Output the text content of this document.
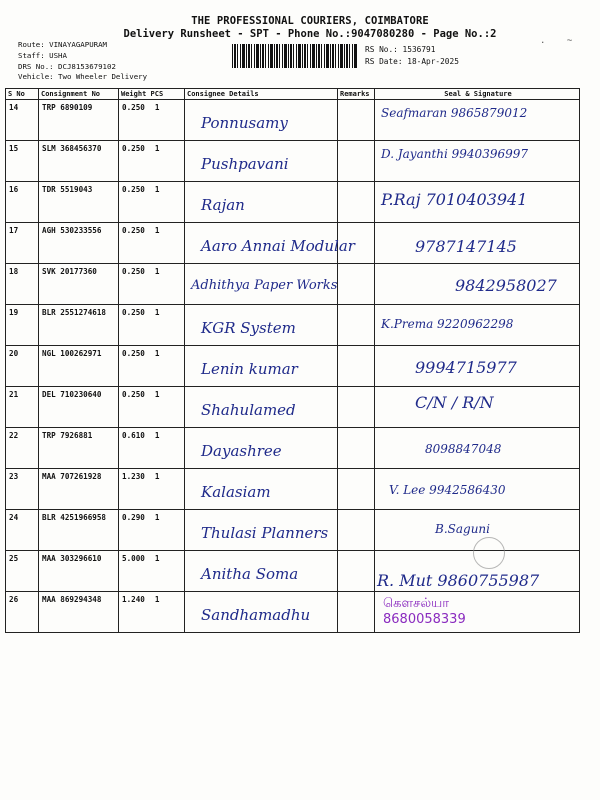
THE PROFESSIONAL COURIERS, COIMBATORE
Delivery Runsheet - SPT - Phone No.:9047080280 - Page No.:2
. ~
Route: VINAYAGAPURAM
Staff: USHA
DRS No.: DCJ8153679102
Vehicle: Two Wheeler Delivery
RS No.: 1536791
RS Date: 18-Apr-2025
S No	Consignment No	Weight PCS	Consignee Details	Remarks	Seal & Signature
14	TRP 6890109	0.250 1	Ponnusamy		Seafmaran 9865879012

15	SLM 368456370	0.250 1	Pushpavani		D. Jayanthi 9940396997

16	TDR 5519043	0.250 1	Rajan		P.Raj 7010403941

17	AGH 530233556	0.250 1	Aaro Annai Modular		9787147145

18	SVK 20177360	0.250 1	Adhithya Paper Works		9842958027

19	BLR 2551274618	0.250 1	KGR System		K.Prema 9220962298

20	NGL 100262971	0.250 1	Lenin kumar		9994715977

21	DEL 710230640	0.250 1	Shahulamed		C/N / R/N

22	TRP 7926881	0.610 1	Dayashree		8098847048

23	MAA 707261928	1.230 1	Kalasiam		V. Lee 9942586430

24	BLR 4251966958	0.290 1	Thulasi Planners		B.Saguni

25	MAA 303296610	5.000 1	Anitha Soma		R. Mut 9860755987

26	MAA 869294348	1.240 1	Sandhamadhu		கௌசல்யா 8680058339
